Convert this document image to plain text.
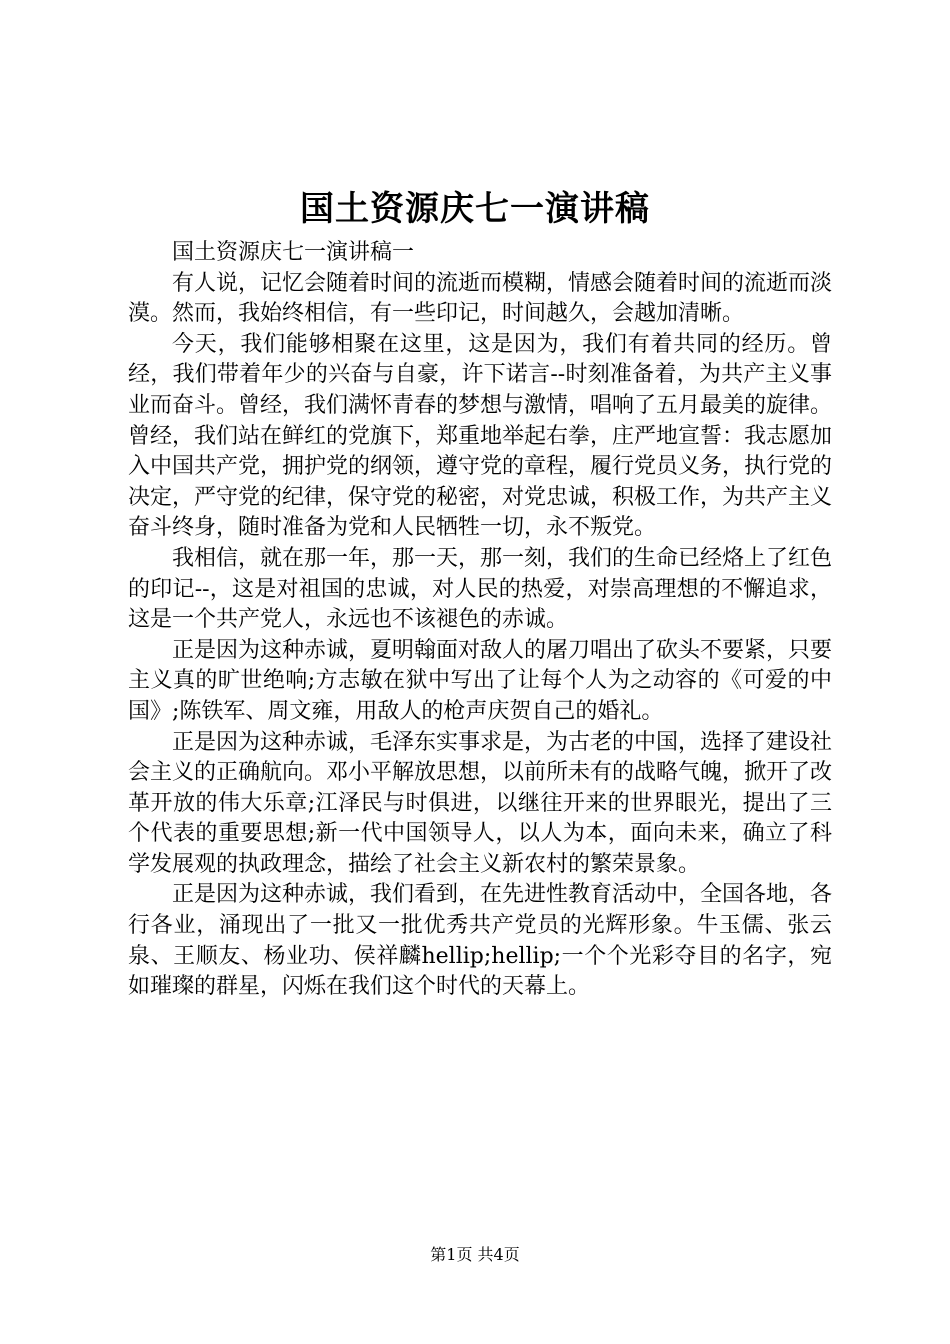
国土资源庆七一演讲稿

国土资源庆七一演讲稿一

有人说，记忆会随着时间的流逝而模糊，情感会随着时间的流逝而淡漠。然而，我始终相信，有一些印记，时间越久，会越加清晰。

今天，我们能够相聚在这里，这是因为，我们有着共同的经历。曾经，我们带着年少的兴奋与自豪，许下诺言--时刻准备着，为共产主义事业而奋斗。曾经，我们满怀青春的梦想与激情，唱响了五月最美的旋律。曾经，我们站在鲜红的党旗下，郑重地举起右拳，庄严地宣誓：我志愿加入中国共产党，拥护党的纲领，遵守党的章程，履行党员义务，执行党的决定，严守党的纪律，保守党的秘密，对党忠诚，积极工作，为共产主义奋斗终身，随时准备为党和人民牺牲一切，永不叛党。

我相信，就在那一年，那一天，那一刻，我们的生命已经烙上了红色的印记--，这是对祖国的忠诚，对人民的热爱，对崇高理想的不懈追求，这是一个共产党人，永远也不该褪色的赤诚。

正是因为这种赤诚，夏明翰面对敌人的屠刀唱出了砍头不要紧，只要主义真的旷世绝响;方志敏在狱中写出了让每个人为之动容的《可爱的中国》;陈铁军、周文雍，用敌人的枪声庆贺自己的婚礼。

正是因为这种赤诚，毛泽东实事求是，为古老的中国，选择了建设社会主义的正确航向。邓小平解放思想，以前所未有的战略气魄，掀开了改革开放的伟大乐章;江泽民与时俱进，以继往开来的世界眼光，提出了三个代表的重要思想;新一代中国领导人，以人为本，面向未来，确立了科学发展观的执政理念，描绘了社会主义新农村的繁荣景象。

正是因为这种赤诚，我们看到，在先进性教育活动中，全国各地，各行各业，涌现出了一批又一批优秀共产党员的光辉形象。牛玉儒、张云泉、王顺友、杨业功、侯祥麟hellip;hellip;一个个光彩夺目的名字，宛如璀璨的群星，闪烁在我们这个时代的天幕上。

第1页 共4页
